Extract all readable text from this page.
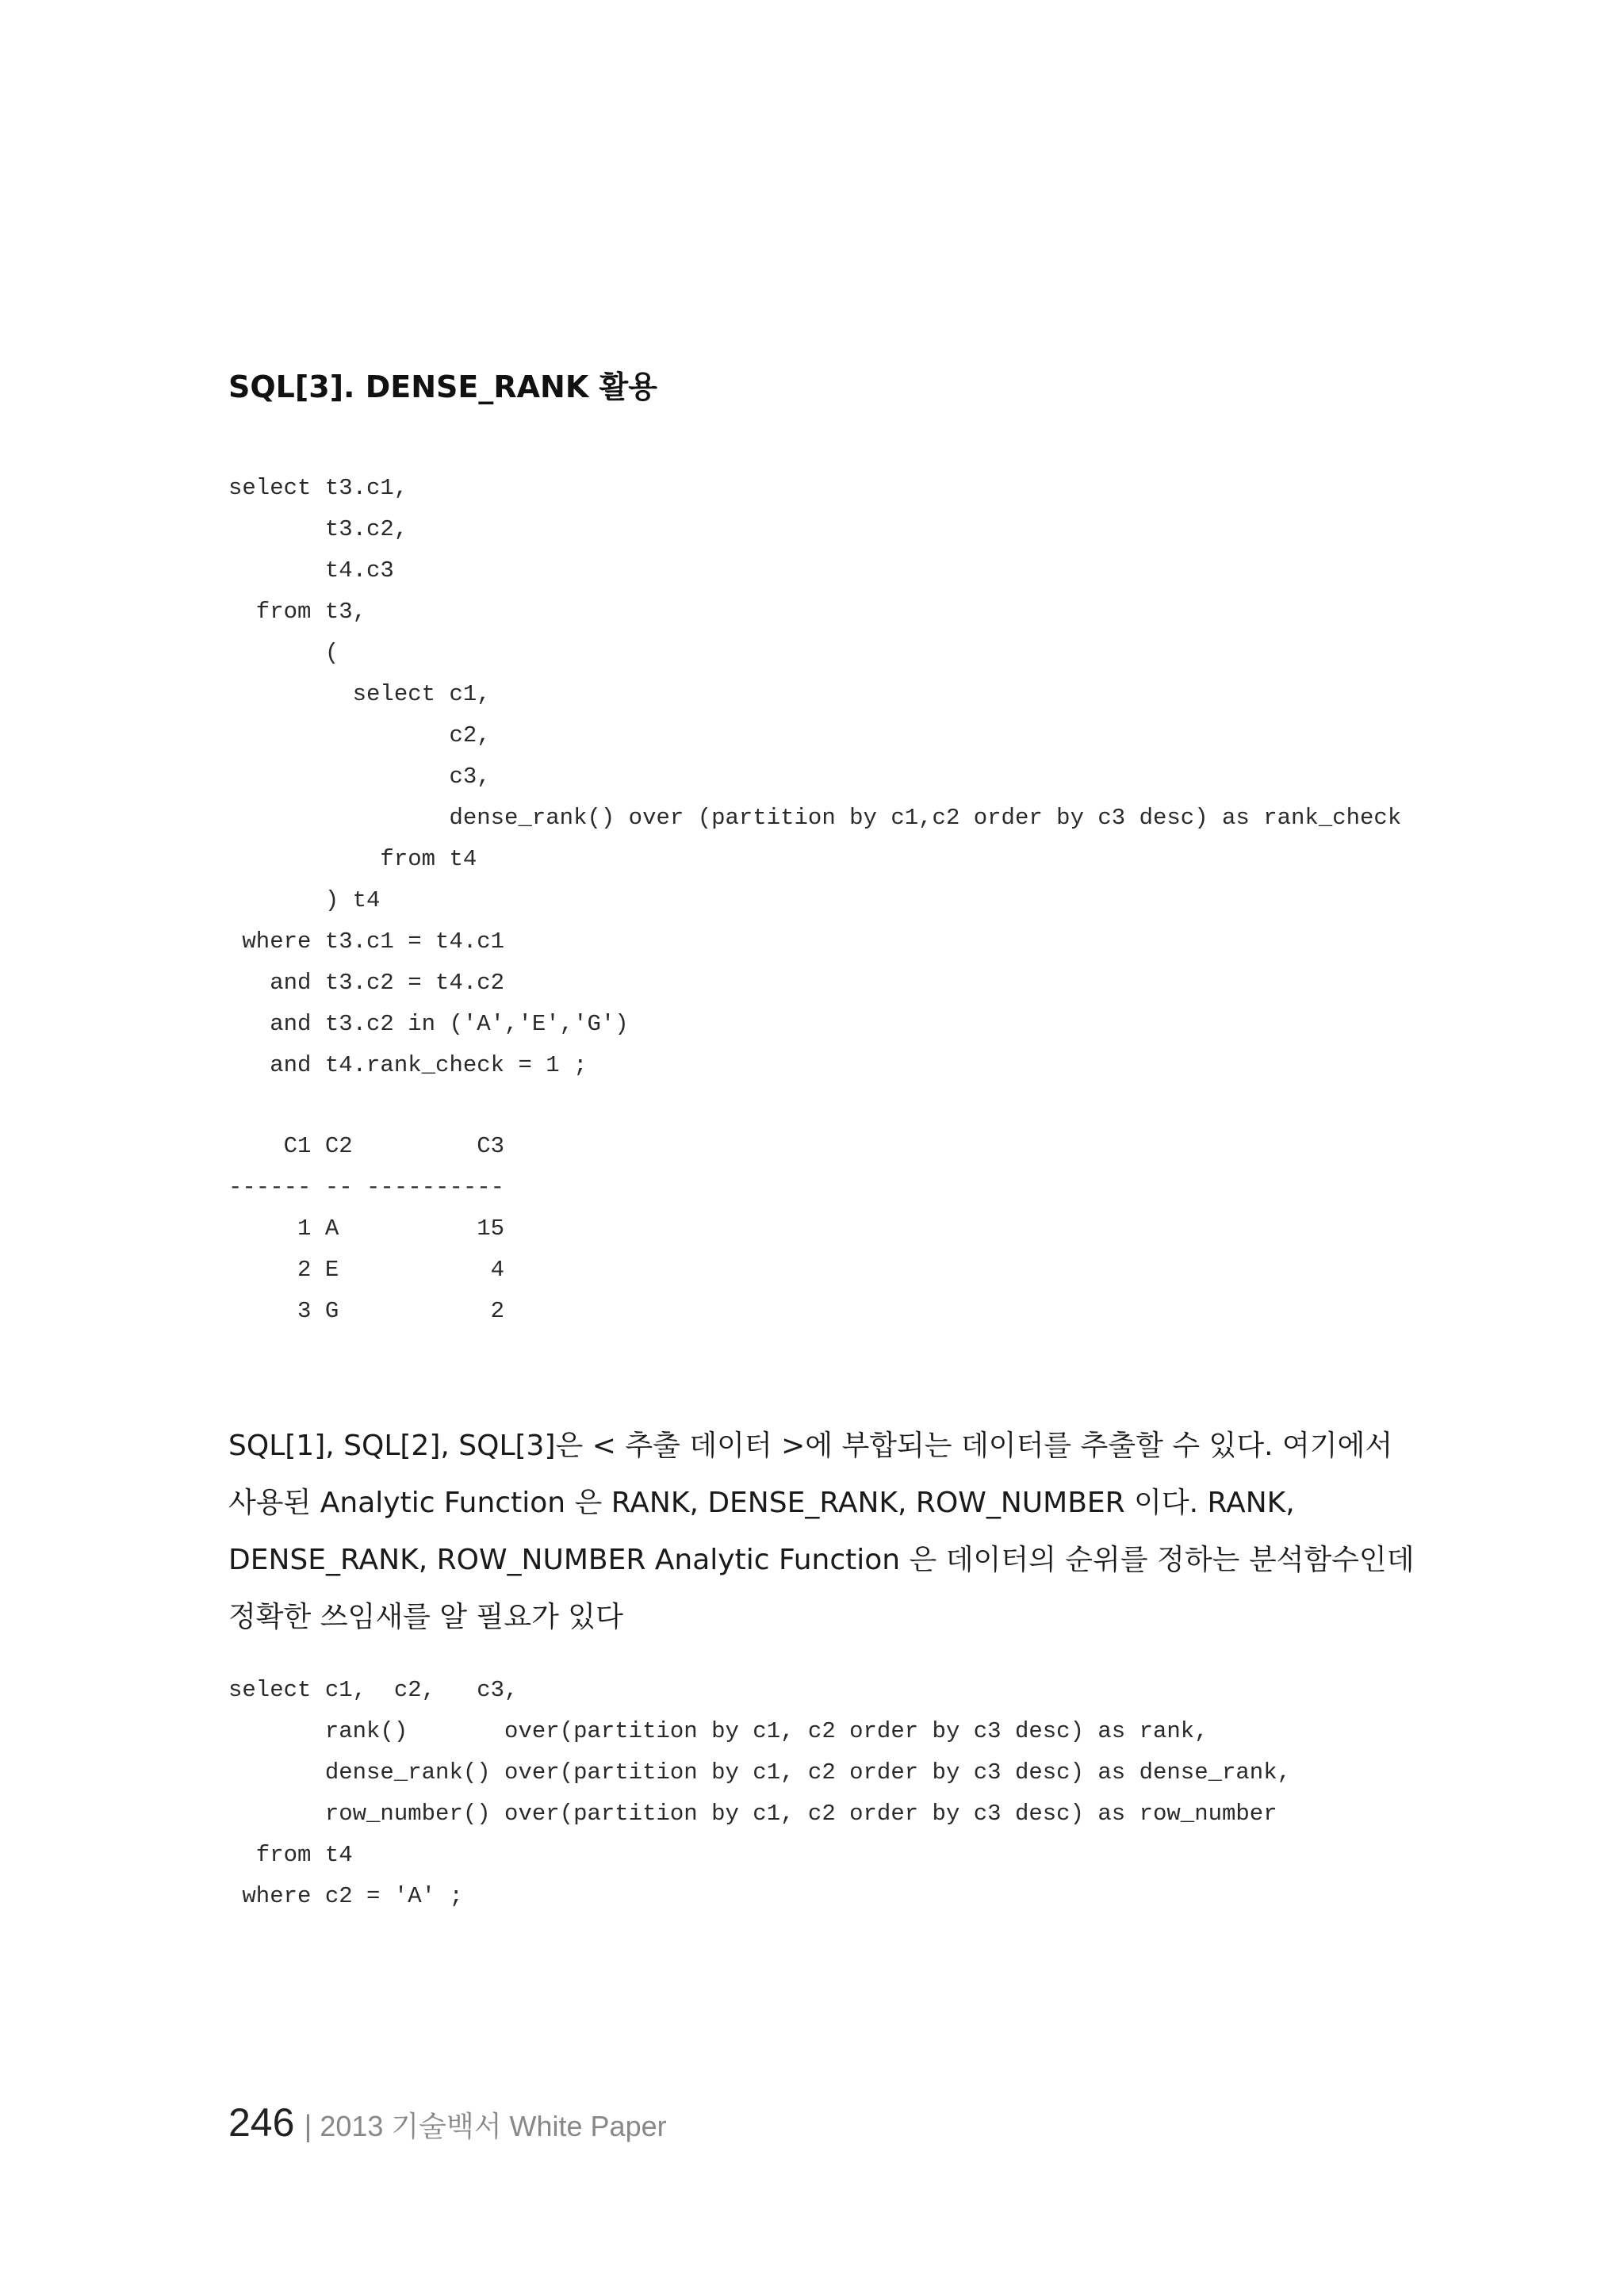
SQL[3]. DENSE_RANK 활용
select t3.c1,
t3.c2,
t4.c3
from t3,
(
select c1,
c2,
c3,
dense_rank() over (partition by c1,c2 order by c3 desc) as rank_check
from t4
) t4
where t3.c1 = t4.c1
and t3.c2 = t4.c2
and t3.c2 in ('A','E','G')
and t4.rank_check = 1 ;
C1 C2         C3
------ -- ----------
1 A          15
2 E           4
3 G           2
SQL[1], SQL[2], SQL[3]은 < 추출 데이터 >에 부합되는 데이터를 추출할 수 있다. 여기에서
사용된 Analytic Function 은 RANK, DENSE_RANK, ROW_NUMBER 이다. RANK,
DENSE_RANK, ROW_NUMBER Analytic Function 은 데이터의 순위를 정하는 분석함수인데
정확한 쓰임새를 알 필요가 있다
select c1,  c2,   c3,
rank()       over(partition by c1, c2 order by c3 desc) as rank,
dense_rank() over(partition by c1, c2 order by c3 desc) as dense_rank,
row_number() over(partition by c1, c2 order by c3 desc) as row_number
from t4
where c2 = 'A' ;
246 | 2013 기술백서 White Paper
